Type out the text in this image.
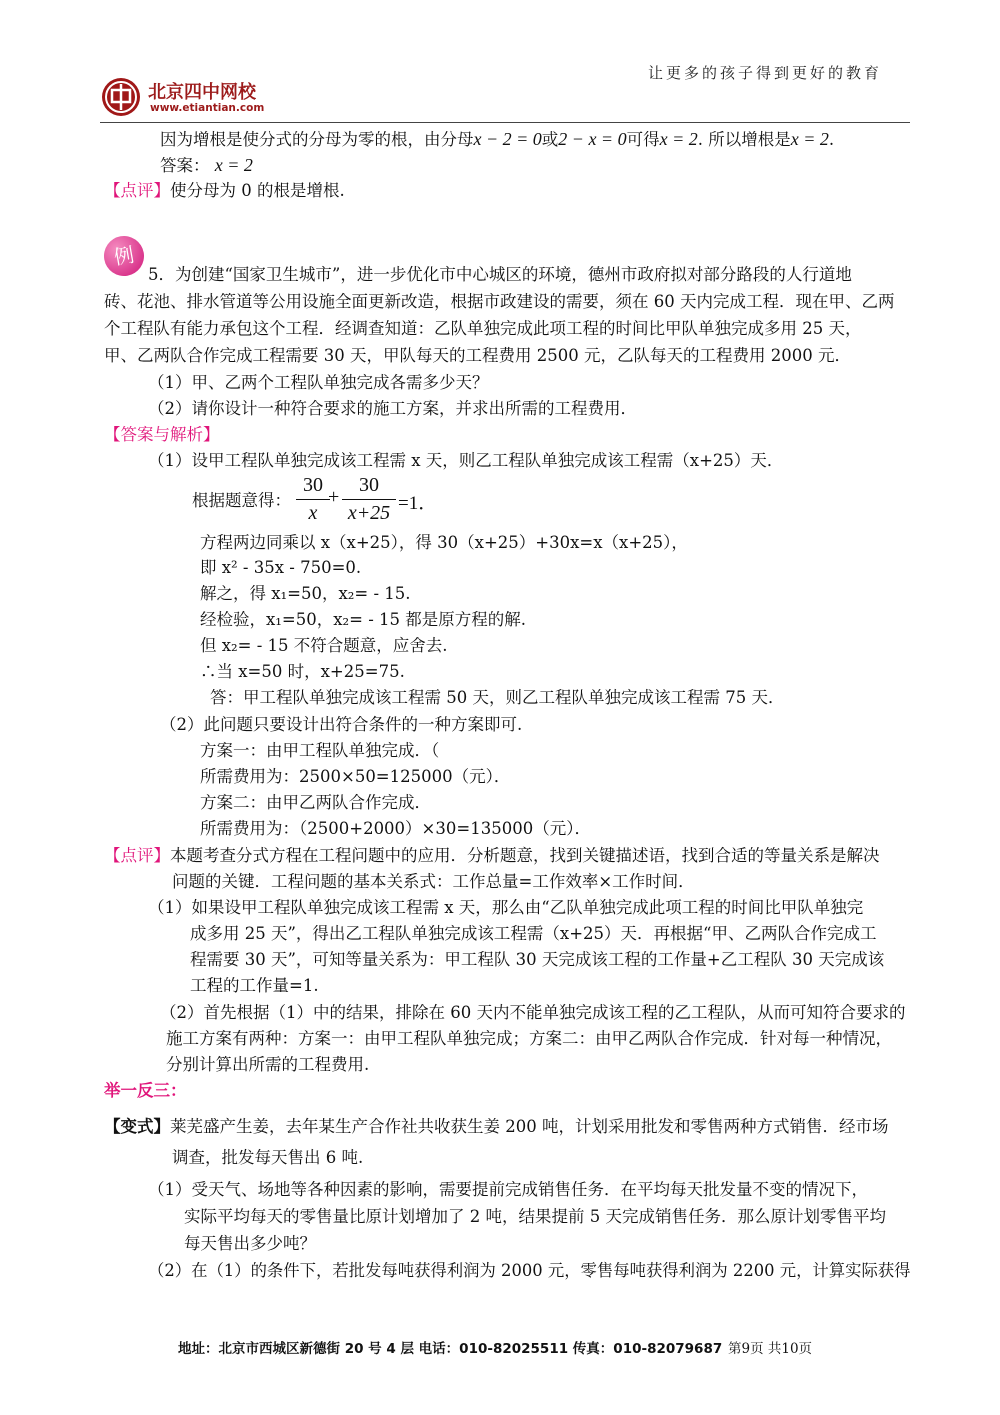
让更多的孩子得到更好的教育
北京四中网校
www.etiantian.com
因为增根是使分式的分母为零的根，由分母x − 2 = 0或2 − x = 0可得x = 2. 所以增根是x = 2.
答案： x = 2
【点评】使分母为 0 的根是增根.
例
5．为创建“国家卫生城市”，进一步优化市中心城区的环境，德州市政府拟对部分路段的人行道地
砖、花池、排水管道等公用设施全面更新改造，根据市政建设的需要，须在 60 天内完成工程．现在甲、乙两
个工程队有能力承包这个工程．经调查知道：乙队单独完成此项工程的时间比甲队单独完成多用 25 天，
甲、乙两队合作完成工程需要 30 天，甲队每天的工程费用 2500 元，乙队每天的工程费用 2000 元．
（1）甲、乙两个工程队单独完成各需多少天？
（2）请你设计一种符合要求的施工方案，并求出所需的工程费用．
【答案与解析】
（1）设甲工程队单独完成该工程需 x 天，则乙工程队单独完成该工程需（x+25）天．
根据题意得：
30
x
+
30
x+25 =1．
方程两边同乘以 x（x+25），得 30（x+25）+30x=x（x+25），
即 x² - 35x - 750=0.
解之，得 x₁=50，x₂= - 15.
经检验，x₁=50，x₂= - 15 都是原方程的解.
但 x₂= - 15 不符合题意，应舍去.
∴当 x=50 时，x+25=75.
答：甲工程队单独完成该工程需 50 天，则乙工程队单独完成该工程需 75 天．
（2）此问题只要设计出符合条件的一种方案即可.
方案一：由甲工程队单独完成．（
所需费用为：2500×50=125000（元）．
方案二：由甲乙两队合作完成．
所需费用为：（2500+2000）×30=135000（元）．
【点评】本题考查分式方程在工程问题中的应用．分析题意，找到关键描述语，找到合适的等量关系是解决
问题的关键．工程问题的基本关系式：工作总量=工作效率×工作时间．
（1）如果设甲工程队单独完成该工程需 x 天，那么由“乙队单独完成此项工程的时间比甲队单独完
成多用 25 天”，得出乙工程队单独完成该工程需（x+25）天．再根据“甲、乙两队合作完成工
程需要 30 天”，可知等量关系为：甲工程队 30 天完成该工程的工作量+乙工程队 30 天完成该
工程的工作量=1.
（2）首先根据（1）中的结果，排除在 60 天内不能单独完成该工程的乙工程队，从而可知符合要求的
施工方案有两种：方案一：由甲工程队单独完成；方案二：由甲乙两队合作完成．针对每一种情况，
分别计算出所需的工程费用.
举一反三：
【变式】莱芜盛产生姜，去年某生产合作社共收获生姜 200 吨，计划采用批发和零售两种方式销售．经市场
调查，批发每天售出 6 吨.
（1）受天气、场地等各种因素的影响，需要提前完成销售任务．在平均每天批发量不变的情况下，
实际平均每天的零售量比原计划增加了 2 吨，结果提前 5 天完成销售任务．那么原计划零售平均
每天售出多少吨？
（2）在（1）的条件下，若批发每吨获得利润为 2000 元，零售每吨获得利润为 2200 元，计算实际获得
地址：北京市西城区新德街 20 号 4 层 电话：010-82025511 传真：010-82079687 第9页 共10页
